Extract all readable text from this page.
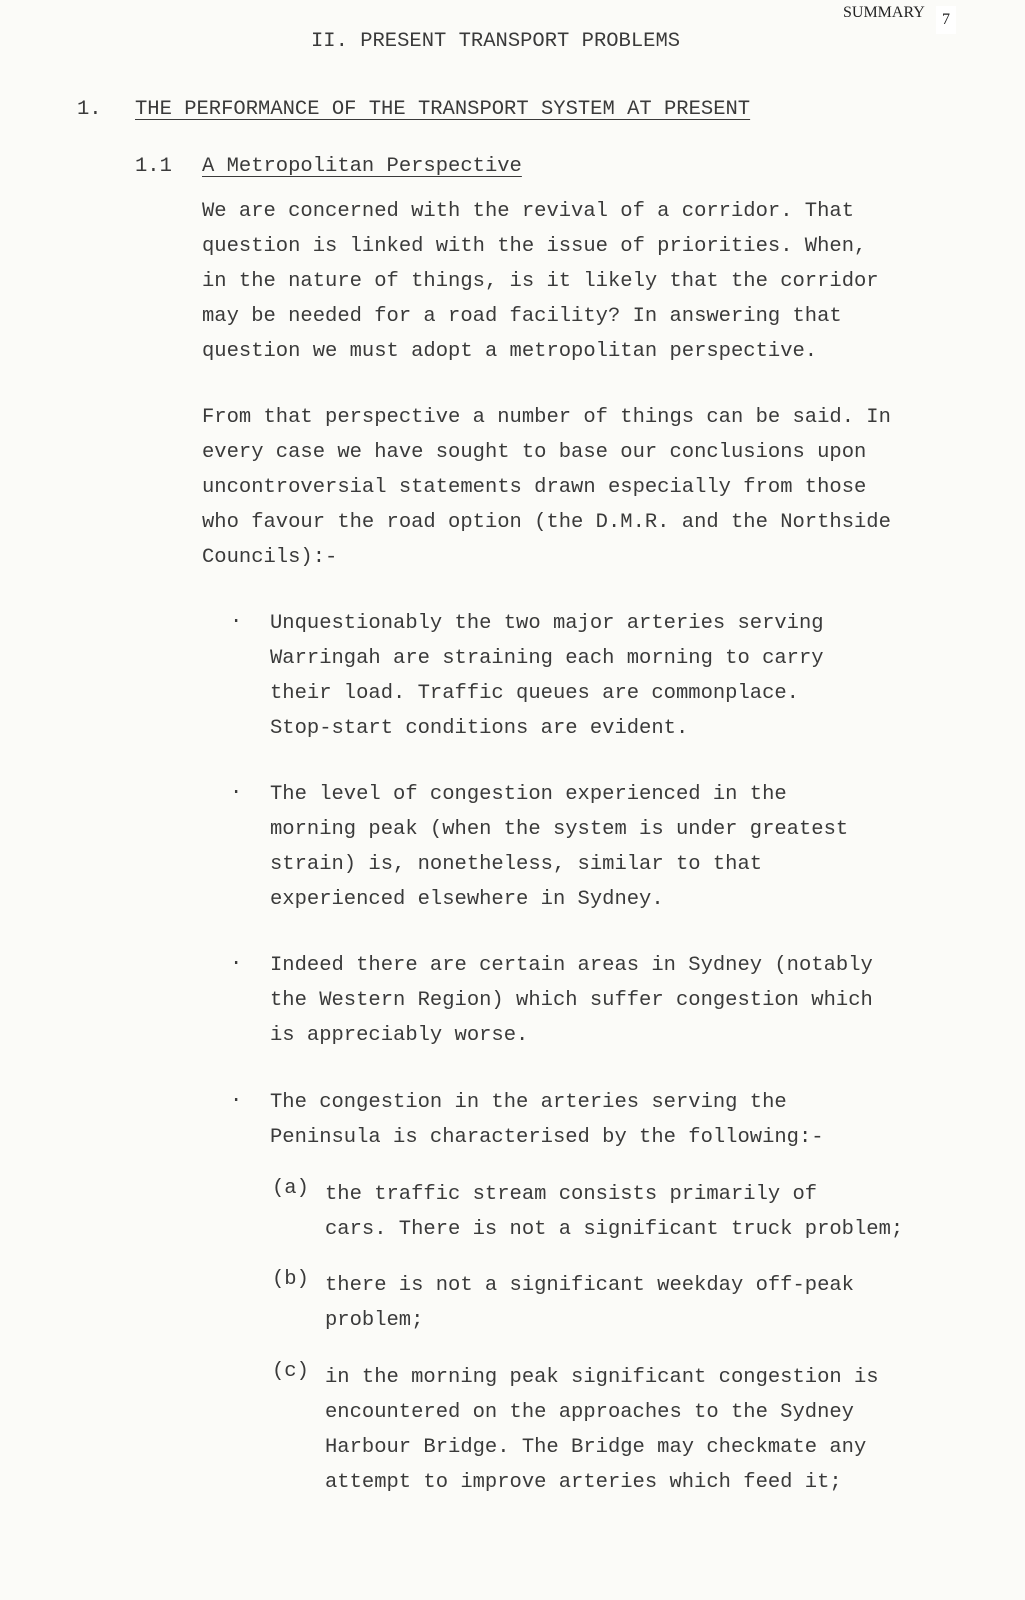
SUMMARY	7
II. PRESENT TRANSPORT PROBLEMS
1. THE PERFORMANCE OF THE TRANSPORT SYSTEM AT PRESENT
1.1 A Metropolitan Perspective
We are concerned with the revival of a corridor. That
question is linked with the issue of priorities. When,
in the nature of things, is it likely that the corridor
may be needed for a road facility? In answering that
question we must adopt a metropolitan perspective.
From that perspective a number of things can be said. In
every case we have sought to base our conclusions upon
uncontroversial statements drawn especially from those
who favour the road option (the D.M.R. and the Northside
Councils):-
. Unquestionably the two major arteries serving
Warringah are straining each morning to carry
their load. Traffic queues are commonplace.
Stop-start conditions are evident.
. The level of congestion experienced in the
morning peak (when the system is under greatest
strain) is, nonetheless, similar to that
experienced elsewhere in Sydney.
. Indeed there are certain areas in Sydney (notably
the Western Region) which suffer congestion which
is appreciably worse.
. The congestion in the arteries serving the
Peninsula is characterised by the following:-
(a) the traffic stream consists primarily of
cars. There is not a significant truck problem;
(b) there is not a significant weekday off-peak
problem;
(c) in the morning peak significant congestion is
encountered on the approaches to the Sydney
Harbour Bridge. The Bridge may checkmate any
attempt to improve arteries which feed it;
